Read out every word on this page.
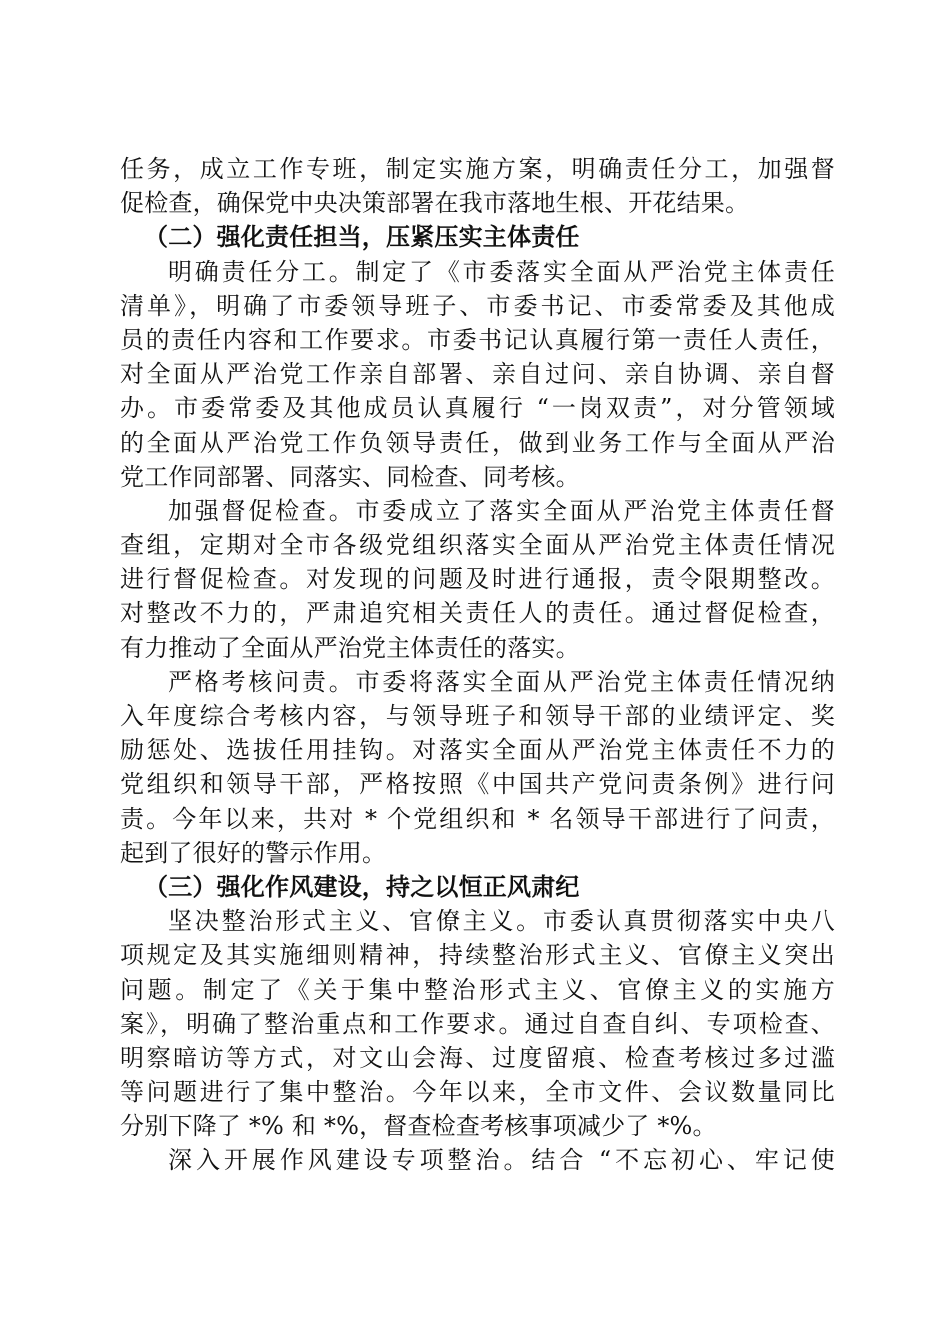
任务，成立工作专班，制定实施方案，明确责任分工，加强督
促检查，确保党中央决策部署在我市落地生根、开花结果。
（二）强化责任担当，压紧压实主体责任
明确责任分工。制定了《市委落实全面从严治党主体责任
清单》，明确了市委领导班子、市委书记、市委常委及其他成
员的责任内容和工作要求。市委书记认真履行第一责任人责任，
对全面从严治党工作亲自部署、亲自过问、亲自协调、亲自督
办。市委常委及其他成员认真履行 “一岗双责”，对分管领域
的全面从严治党工作负领导责任，做到业务工作与全面从严治
党工作同部署、同落实、同检查、同考核。
加强督促检查。市委成立了落实全面从严治党主体责任督
查组，定期对全市各级党组织落实全面从严治党主体责任情况
进行督促检查。对发现的问题及时进行通报，责令限期整改。
对整改不力的，严肃追究相关责任人的责任。通过督促检查，
有力推动了全面从严治党主体责任的落实。
严格考核问责。市委将落实全面从严治党主体责任情况纳
入年度综合考核内容，与领导班子和领导干部的业绩评定、奖
励惩处、选拔任用挂钩。对落实全面从严治党主体责任不力的
党组织和领导干部，严格按照《中国共产党问责条例》进行问
责。今年以来，共对 * 个党组织和 * 名领导干部进行了问责，
起到了很好的警示作用。
（三）强化作风建设，持之以恒正风肃纪
坚决整治形式主义、官僚主义。市委认真贯彻落实中央八
项规定及其实施细则精神，持续整治形式主义、官僚主义突出
问题。制定了《关于集中整治形式主义、官僚主义的实施方
案》，明确了整治重点和工作要求。通过自查自纠、专项检查、
明察暗访等方式，对文山会海、过度留痕、检查考核过多过滥
等问题进行了集中整治。今年以来，全市文件、会议数量同比
分别下降了 *% 和 *%，督查检查考核事项减少了 *%。
深入开展作风建设专项整治。结合 “不忘初心、牢记使
